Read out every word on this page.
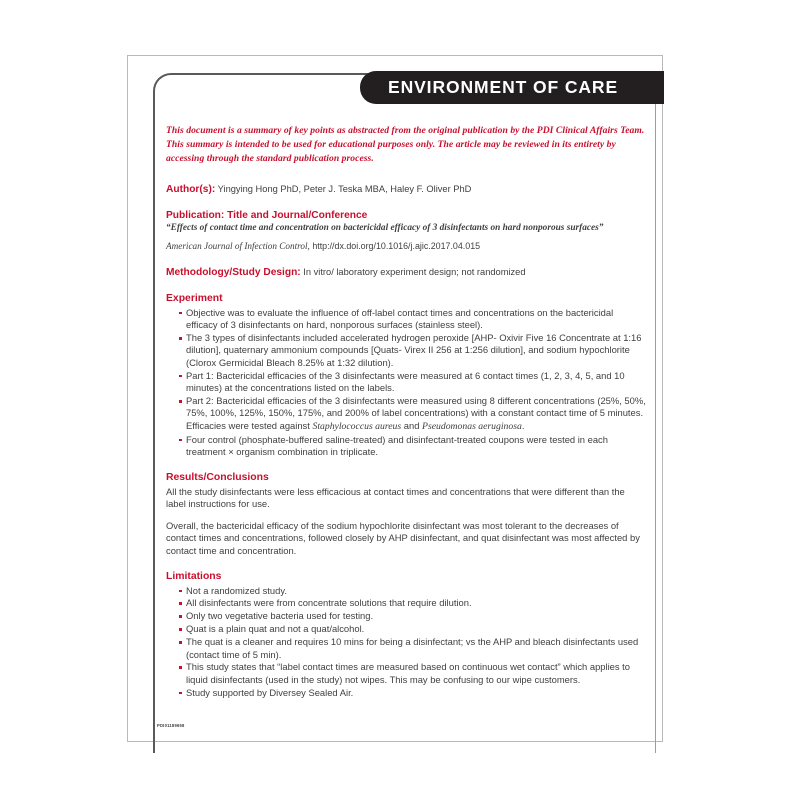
ENVIRONMENT OF CARE
This document is a summary of key points as abstracted from the original publication by the PDI Clinical Affairs Team. This summary is intended to be used for educational purposes only. The article may be reviewed in its entirety by accessing through the standard publication process.
Author(s): Yingying Hong PhD, Peter J. Teska MBA, Haley F. Oliver PhD
Publication: Title and Journal/Conference
“Effects of contact time and concentration on bactericidal efficacy of 3 disinfectants on hard nonporous surfaces”
American Journal of Infection Control, http://dx.doi.org/10.1016/j.ajic.2017.04.015
Methodology/Study Design: In vitro/ laboratory experiment design; not randomized
Experiment
Objective was to evaluate the influence of off-label contact times and concentrations on the bactericidal efficacy of 3 disinfectants on hard, nonporous surfaces (stainless steel).
The 3 types of disinfectants included accelerated hydrogen peroxide [AHP- Oxivir Five 16 Concentrate at 1:16 dilution], quaternary ammonium compounds [Quats- Virex II 256 at 1:256 dilution], and sodium hypochlorite (Clorox Germicidal Bleach 8.25% at 1:32 dilution).
Part 1: Bactericidal efficacies of the 3 disinfectants were measured at 6 contact times (1, 2, 3, 4, 5, and 10 minutes) at the concentrations listed on the labels.
Part 2: Bactericidal efficacies of the 3 disinfectants were measured using 8 different concentrations (25%, 50%, 75%, 100%, 125%, 150%, 175%, and 200% of label concentrations) with a constant contact time of 5 minutes. Efficacies were tested against Staphylococcus aureus and Pseudomonas aeruginosa.
Four control (phosphate-buffered saline-treated) and disinfectant-treated coupons were tested in each treatment × organism combination in triplicate.
Results/Conclusions

All the study disinfectants were less efficacious at contact times and concentrations that were different than the label instructions for use.

Overall, the bactericidal efficacy of the sodium hypochlorite disinfectant was most tolerant to the decreases of contact times and concentrations, followed closely by AHP disinfectant, and quat disinfectant was most affected by contact time and concentration.

Limitations
Not a randomized study.
All disinfectants were from concentrate solutions that require dilution.
Only two vegetative bacteria used for testing.
Quat is a plain quat and not a quat/alcohol.
The quat is a cleaner and requires 10 mins for being a disinfectant; vs the AHP and bleach disinfectants used (contact time of 5 min).
This study states that “label contact times are measured based on continuous wet contact” which applies to liquid disinfectants (used in the study) not wipes. This may be confusing to our wipe customers.
Study supported by Diversey Sealed Air.
PDI01189658
